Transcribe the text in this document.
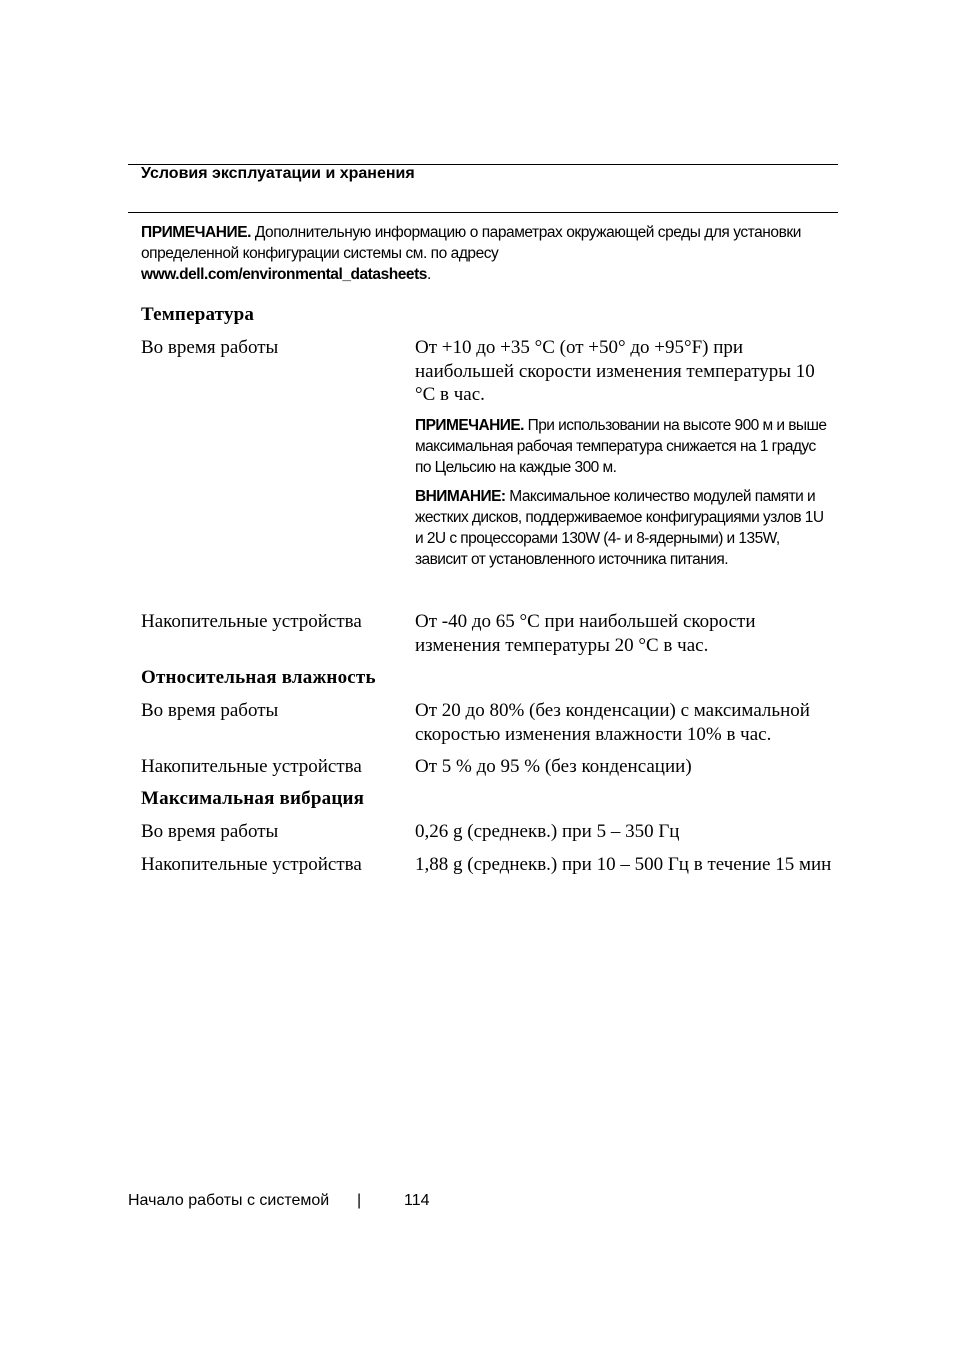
Условия эксплуатации и хранения
ПРИМЕЧАНИЕ. Дополнительную информацию о параметрах окружающей среды для установки определенной конфигурации системы см. по адресу
www.dell.com/environmental_datasheets.
Температура
Во время работы	От +10 до +35 °C (от +50° до +95°F) при наибольшей скорости изменения температуры 10 °C в час.
ПРИМЕЧАНИЕ. При использовании на высоте 900 м и выше максимальная рабочая температура снижается на 1 градус по Цельсию на каждые 300 м.
ВНИМАНИЕ: Максимальное количество модулей памяти и жестких дисков, поддерживаемое конфигурациями узлов 1U и 2U с процессорами 130W (4- и 8-ядерными) и 135W, зависит от установленного источника питания.
Накопительные устройства	От -40 до 65 °C при наибольшей скорости изменения температуры 20 °C в час.
Относительная влажность
Во время работы	От 20 до 80% (без конденсации) с максимальной скоростью изменения влажности 10% в час.
Накопительные устройства	От 5 % до 95 % (без конденсации)
Максимальная вибрация
Во время работы	0,26 g (среднекв.) при 5 – 350 Гц
Накопительные устройства	1,88 g (среднекв.) при 10 – 500 Гц в течение 15 мин
Начало работы с системой |	114
